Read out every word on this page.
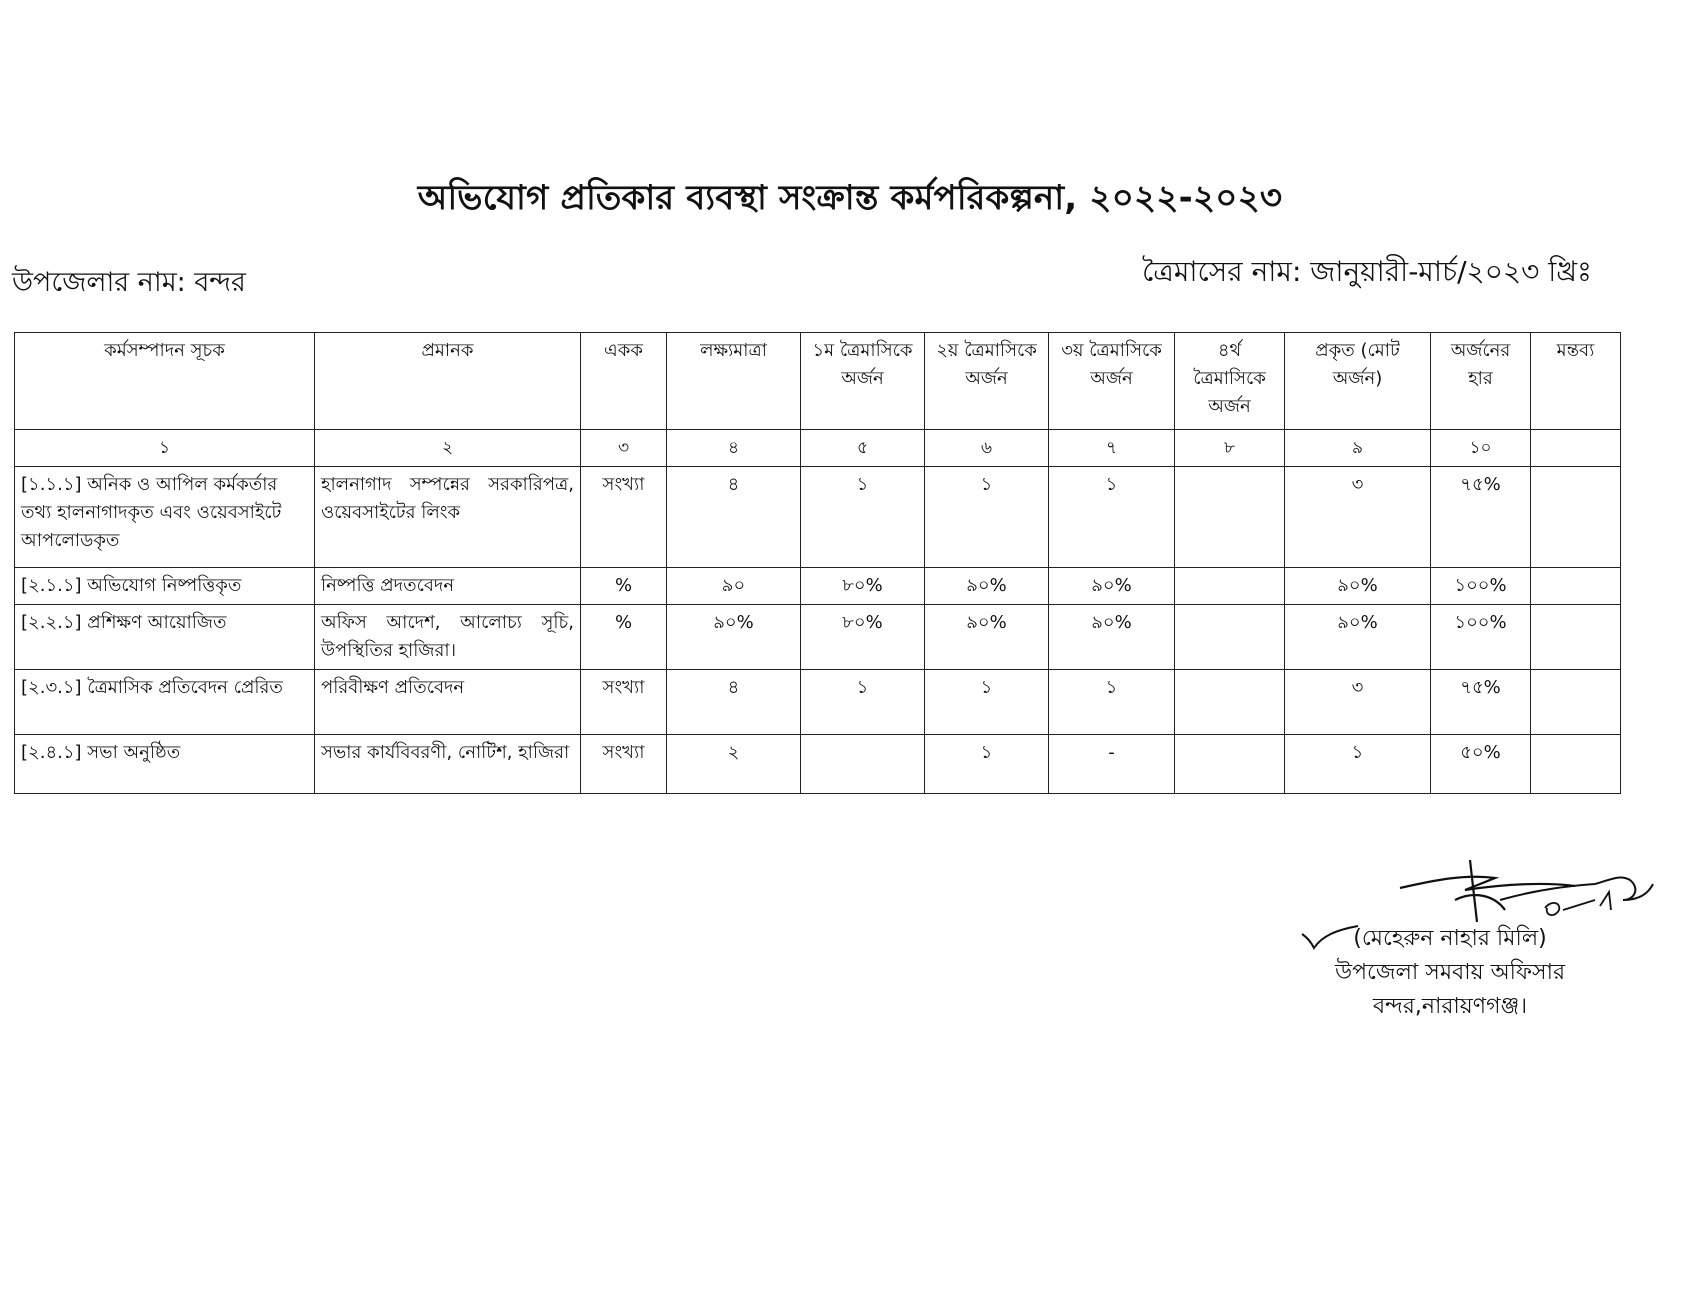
অভিযোগ প্রতিকার ব্যবস্থা সংক্রান্ত কর্মপরিকল্পনা, ২০২২-২০২৩
উপজেলার নাম: বন্দর	ত্রৈমাসের নাম: জানুয়ারী-মার্চ/২০২৩ খ্রিঃ
কর্মসম্পাদন সূচক	প্রমানক	একক	লক্ষ্যমাত্রা	১ম ত্রৈমাসিকে অর্জন	২য় ত্রৈমাসিকে অর্জন	৩য় ত্রৈমাসিকে অর্জন	৪র্থ ত্রৈমাসিকে অর্জন	প্রকৃত (মোট অর্জন)	অর্জনের হার	মন্তব্য
১	২	৩	৪	৫	৬	৭	৮	৯	১০	
[১.১.১] অনিক ও আপিল কর্মকর্তার তথ্য হালনাগাদকৃত এবং ওয়েবসাইটে আপলোডকৃত	হালনাগাদ সম্পন্নের সরকারিপত্র, ওয়েবসাইটের লিংক	সংখ্যা	৪	১	১	১		৩	৭৫%	
[২.১.১] অভিযোগ নিষ্পত্তিকৃত	নিষ্পত্তি প্রদতবেদন	%	৯০	৮০%	৯০%	৯০%		৯০%	১০০%	
[২.২.১] প্রশিক্ষণ আয়োজিত	অফিস আদেশ, আলোচ্য সূচি, উপস্থিতির হাজিরা।	%	৯০%	৮০%	৯০%	৯০%		৯০%	১০০%	
[২.৩.১] ত্রৈমাসিক প্রতিবেদন প্রেরিত	পরিবীক্ষণ প্রতিবেদন	সংখ্যা	৪	১	১	১		৩	৭৫%	
[২.৪.১] সভা অনুষ্ঠিত	সভার কার্যবিবরণী, নোটিশ, হাজিরা	সংখ্যা	২		১	-		১	৫০%	
(মেহেরুন নাহার মিলি)
উপজেলা সমবায় অফিসার
বন্দর,নারায়ণগঞ্জ।
